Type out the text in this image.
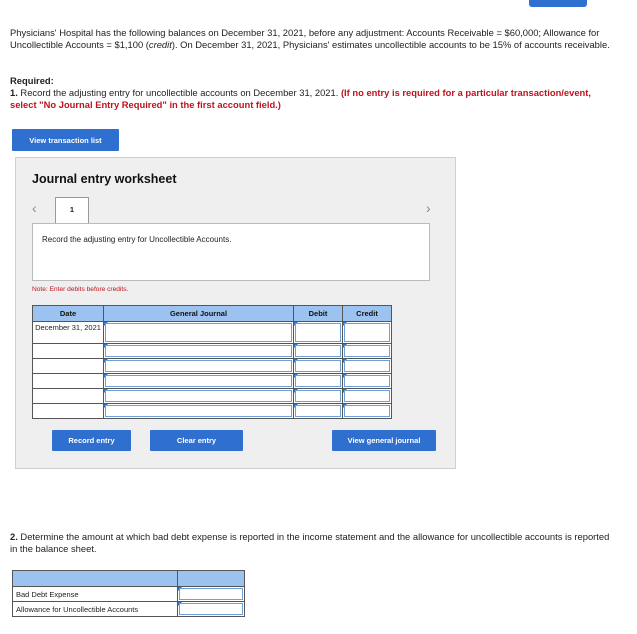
Physicians' Hospital has the following balances on December 31, 2021, before any adjustment: Accounts Receivable = $60,000; Allowance for Uncollectible Accounts = $1,100 (credit). On December 31, 2021, Physicians' estimates uncollectible accounts to be 15% of accounts receivable.

Required:
1. Record the adjusting entry for uncollectible accounts on December 31, 2021. (If no entry is required for a particular transaction/event, select "No Journal Entry Required" in the first account field.)
View transaction list
Journal entry worksheet
‹	1	›
Record the adjusting entry for Uncollectible Accounts.
Note: Enter debits before credits.
Date	General Journal	Debit	Credit
December 31, 2021	

Record entry	Clear entry	View general journal
2. Determine the amount at which bad debt expense is reported in the income statement and the allowance for uncollectible accounts is reported in the balance sheet.

Bad Debt Expense	

Allowance for Uncollectible Accounts	
